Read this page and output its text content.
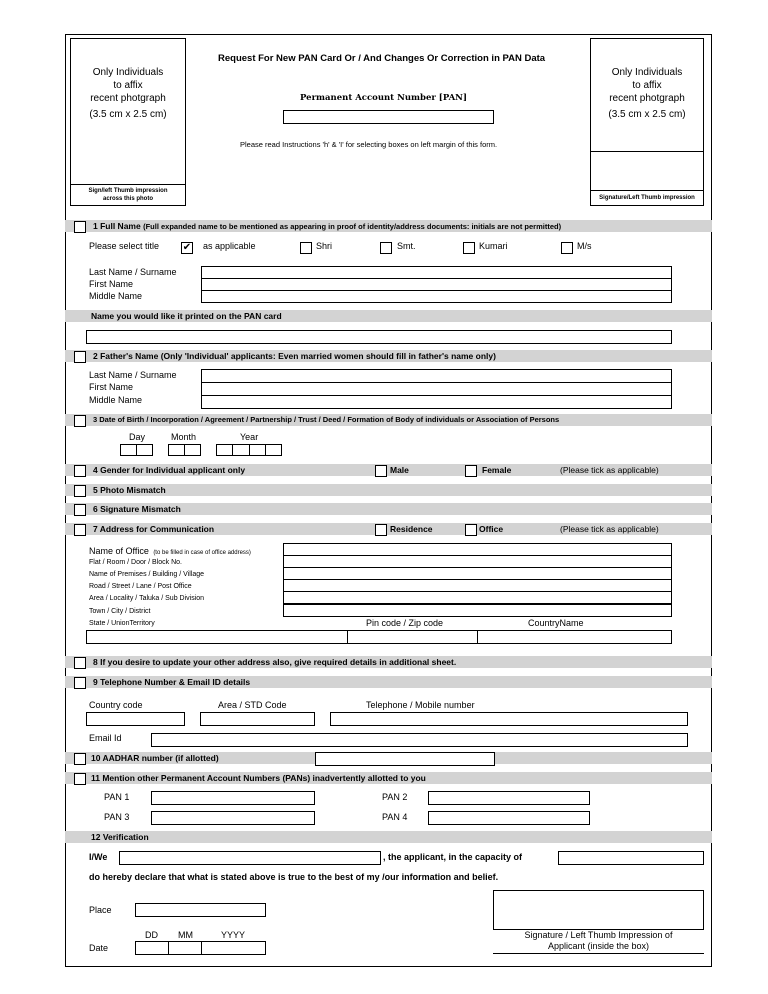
Only Individuals
to affix
recent photgraph
(3.5 cm x 2.5 cm)
Sign/left Thumb impression
across this photo
Only Individuals
to affix
recent photgraph
(3.5 cm x 2.5 cm)
Signature/Left Thumb impression
Request For New PAN Card Or / And Changes Or Correction in PAN Data
Permanent Account Number [PAN]
Please read Instructions 'h' & 'I' for selecting boxes on left margin of this form.
1 Full Name (Full expanded name to be mentioned as appearing in proof of identity/address documents: initials are not permitted)
Please select title ✔ as applicable	Shri	Smt.	Kumari	M/s
Last Name / Surname
First Name
Middle Name
Name you would like it printed on the PAN card
2 Father's Name (Only 'Individual' applicants: Even married women should fill in father's name only)
Last Name / Surname
First Name
Middle Name
3 Date of Birth / Incorporation / Agreement / Partnership / Trust / Deed / Formation of Body of individuals or Association of Persons
Day	Month	Year
4 Gender for Individual applicant only	Male	Female	(Please tick as applicable)
5 Photo Mismatch
6 Signature Mismatch
7 Address for Communication	Residence	Office	(Please tick as applicable)
Name of Office (to be filled in case of office address)
Flat / Room / Door / Block No.
Name of Premises / Building / Village
Road / Street / Lane / Post Office
Area / Locality / Taluka / Sub Division
Town / City / District
State / UnionTerritory	Pin code / Zip code	CountryName
8 If you desire to update your other address also, give required details in additional sheet.
9 Telephone Number & Email ID details
Country code	Area / STD Code	Telephone / Mobile number
Email Id
10 AADHAR number (if allotted)
11 Mention other Permanent Account Numbers (PANs) inadvertently allotted to you
PAN 1	PAN 2
PAN 3	PAN 4
12 Verification
I/We	, the applicant, in the capacity of
do hereby declare that what is stated above is true to the best of my /our information and belief.
Place
DD MM	YYYY
Date
Signature / Left Thumb Impression of
Applicant (inside the box)
